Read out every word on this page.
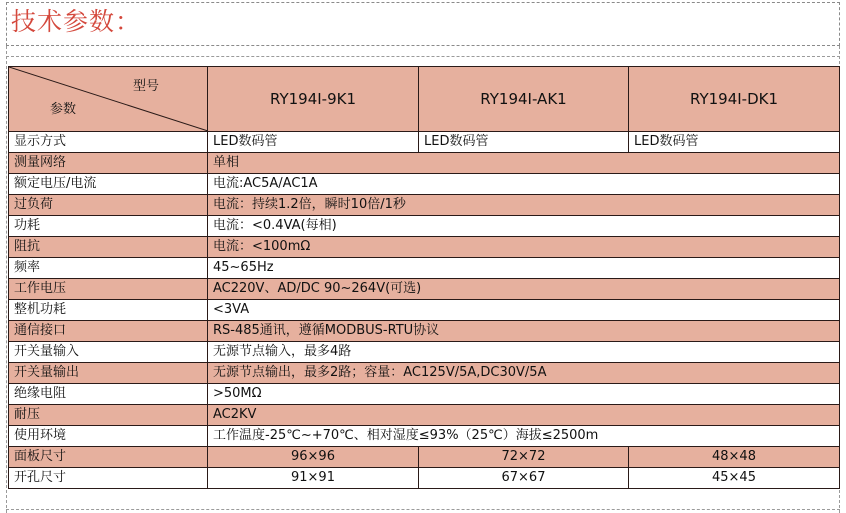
技术参数：
型号
参数	RY194I-9K1	RY194I-AK1	RY194I-DK1
显示方式	LED数码管	LED数码管	LED数码管
测量网络	单相		
额定电压/电流	电流:AC5A/AC1A		
过负荷	电流：持续1.2倍，瞬时10倍/1秒		
功耗	电流：<0.4VA(每相)		
阻抗	电流：<100mΩ		
频率	45~65Hz		
工作电压	AC220V、AD/DC 90~264V(可选)		
整机功耗	<3VA		
通信接口	RS-485通讯，遵循MODBUS-RTU协议		
开关量输入	无源节点输入，最多4路		
开关量输出	无源节点输出，最多2路；容量：AC125V/5A,DC30V/5A		
绝缘电阻	>50MΩ		
耐压	AC2KV		
使用环境	工作温度-25℃~+70℃、相对湿度≤93%（25℃）海拔≤2500m		
面板尺寸	96×96	72×72	48×48
开孔尺寸	91×91	67×67	45×45
